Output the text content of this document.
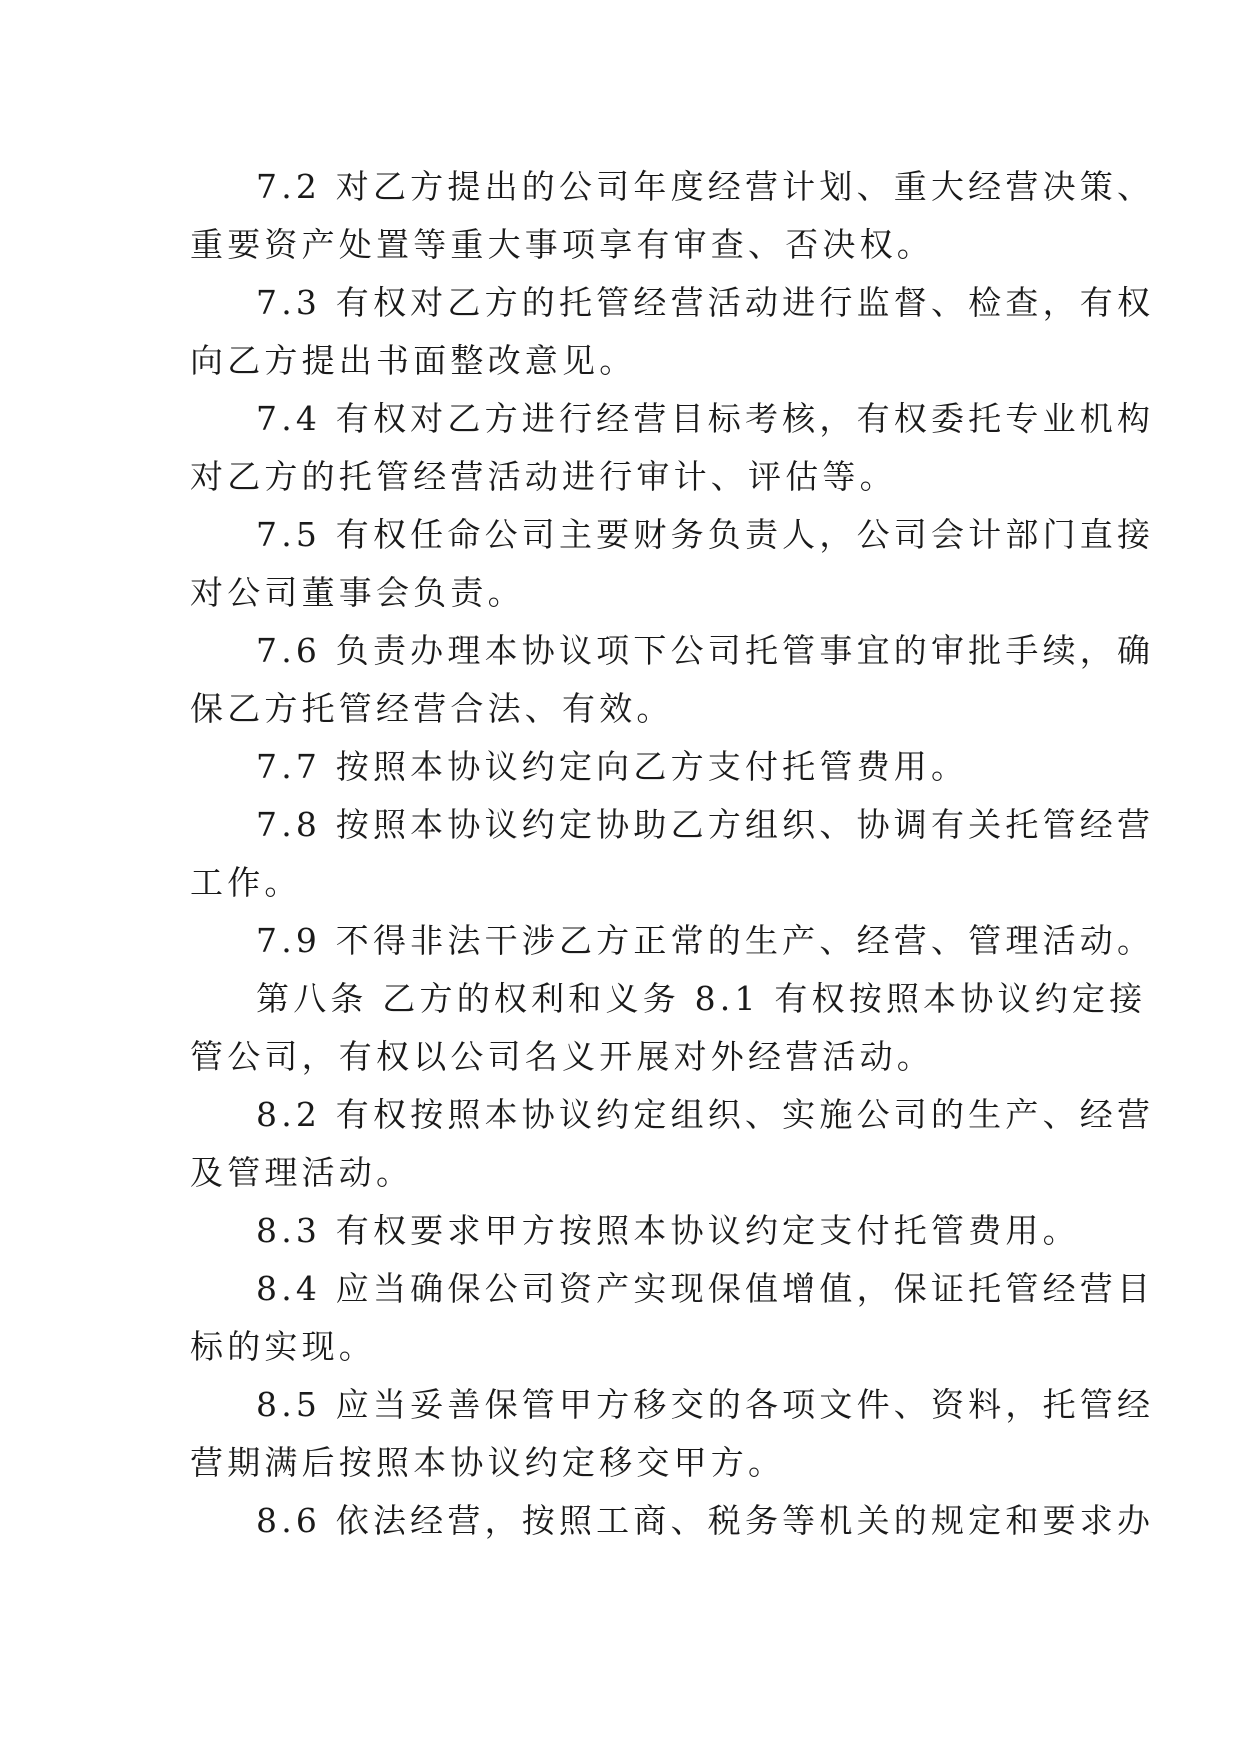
7.2 对乙方提出的公司年度经营计划、重大经营决策、
重要资产处置等重大事项享有审查、否决权。
7.3 有权对乙方的托管经营活动进行监督、检查，有权
向乙方提出书面整改意见。
7.4 有权对乙方进行经营目标考核，有权委托专业机构
对乙方的托管经营活动进行审计、评估等。
7.5 有权任命公司主要财务负责人，公司会计部门直接
对公司董事会负责。
7.6 负责办理本协议项下公司托管事宜的审批手续，确
保乙方托管经营合法、有效。
7.7 按照本协议约定向乙方支付托管费用。
7.8 按照本协议约定协助乙方组织、协调有关托管经营
工作。
7.9 不得非法干涉乙方正常的生产、经营、管理活动。
第八条 乙方的权利和义务 8.1 有权按照本协议约定接
管公司，有权以公司名义开展对外经营活动。
8.2 有权按照本协议约定组织、实施公司的生产、经营
及管理活动。
8.3 有权要求甲方按照本协议约定支付托管费用。
8.4 应当确保公司资产实现保值增值，保证托管经营目
标的实现。
8.5 应当妥善保管甲方移交的各项文件、资料，托管经
营期满后按照本协议约定移交甲方。
8.6 依法经营，按照工商、税务等机关的规定和要求办
